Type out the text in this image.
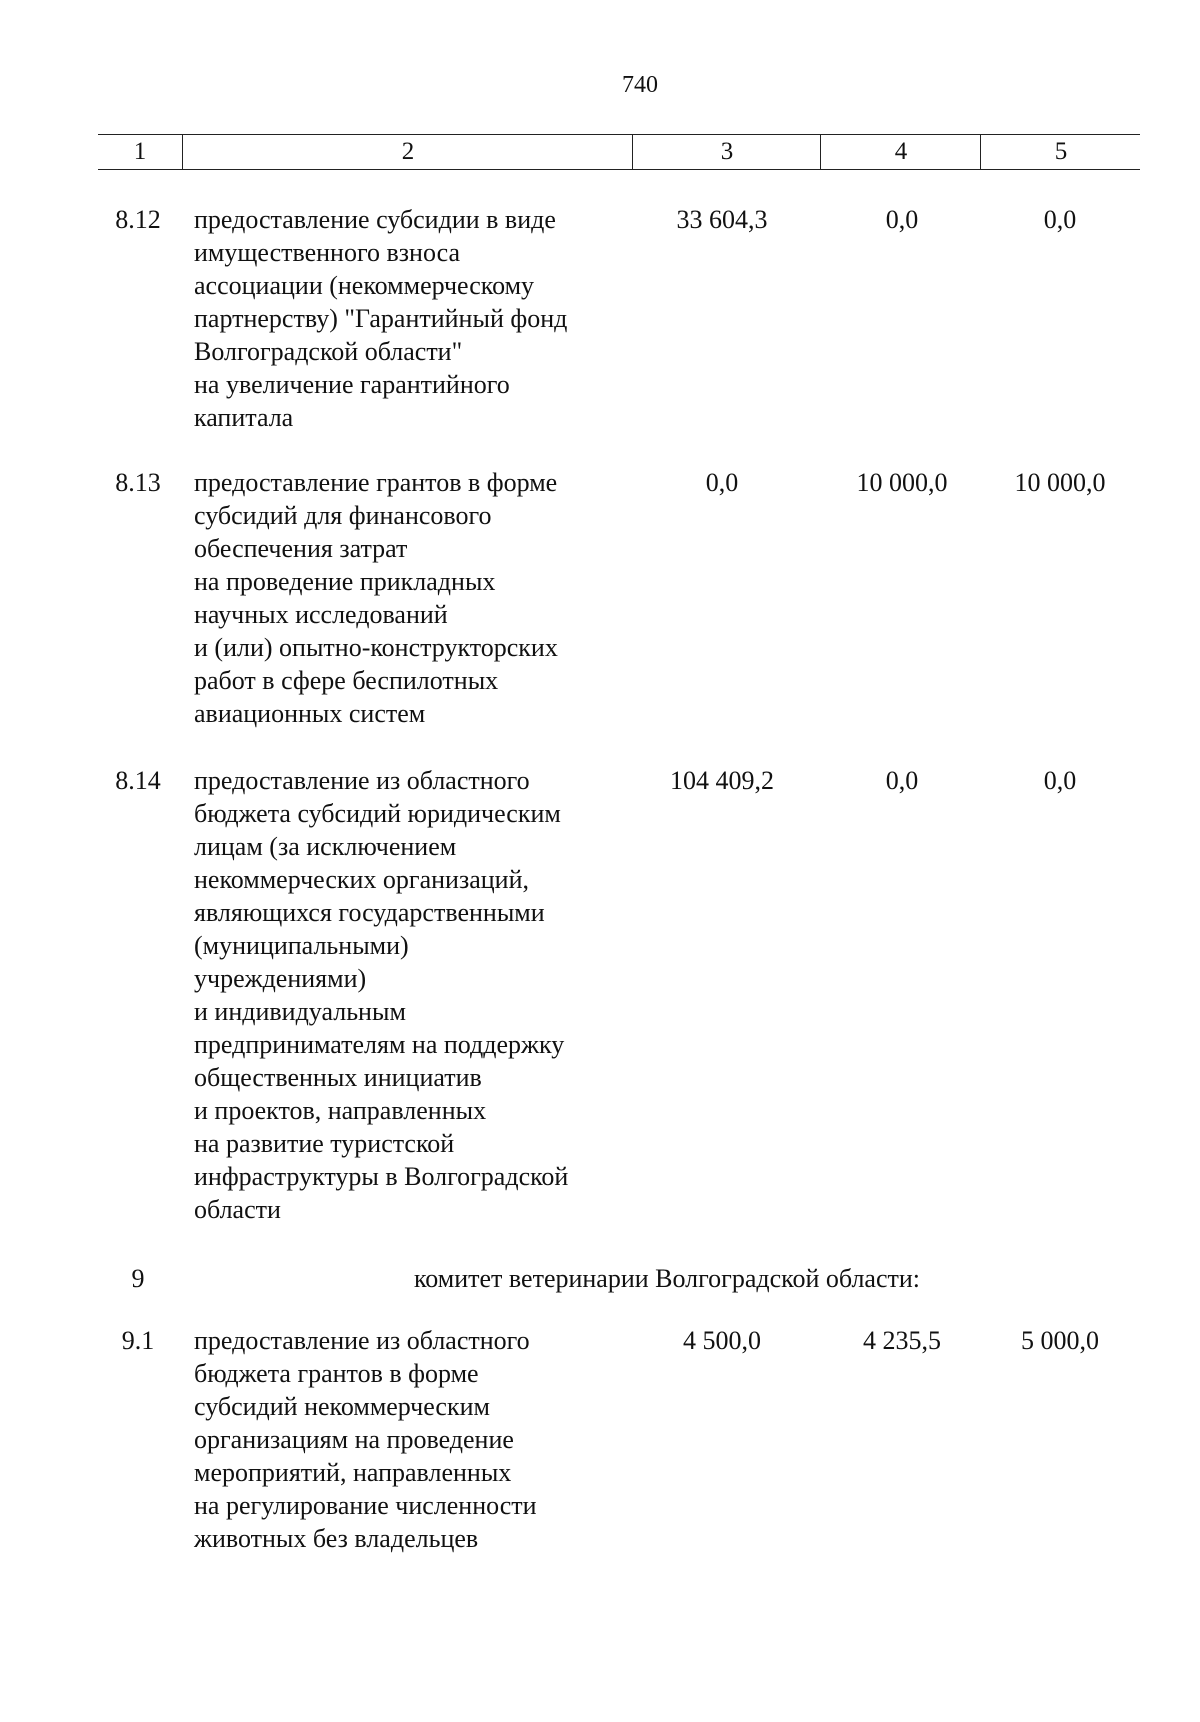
740
1	2	3	4	5
8.12	предоставление субсидии в виде
имущественного взноса
ассоциации (некоммерческому
партнерству) "Гарантийный фонд
Волгоградской области"
на увеличение гарантийного
капитала
33 604,3	0,0	0,0
8.13	предоставление грантов в форме
субсидий для финансового
обеспечения затрат
на проведение прикладных
научных исследований
и (или) опытно-конструкторских
работ в сфере беспилотных
авиационных систем
0,0	10 000,0	10 000,0
8.14	предоставление из областного
бюджета субсидий юридическим
лицам (за исключением
некоммерческих организаций,
являющихся государственными
(муниципальными)
учреждениями)
и индивидуальным
предпринимателям на поддержку
общественных инициатив
и проектов, направленных
на развитие туристской
инфраструктуры в Волгоградской
области
104 409,2	0,0	0,0
9	комитет ветеринарии Волгоградской области:
9.1	предоставление из областного
бюджета грантов в форме
субсидий некоммерческим
организациям на проведение
мероприятий, направленных
на регулирование численности
животных без владельцев
4 500,0	4 235,5	5 000,0
